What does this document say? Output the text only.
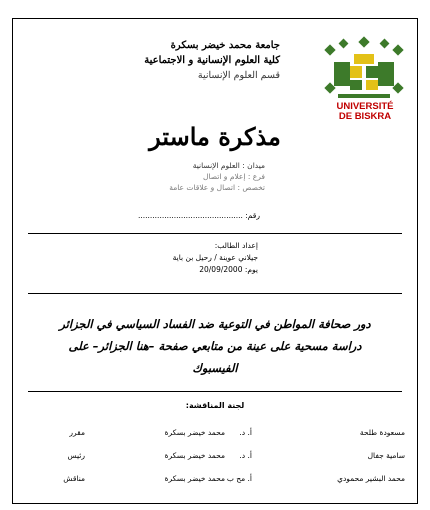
جامعة محمد خيضر بسكرة
كلية العلوم الإنسانية و الاجتماعية
قسم العلوم الإنسانية
UNIVERSITÉ
DE BISKRA
مذكرة ماستر
ميدان : العلوم الإنسانية
فرع : إعلام و اتصال
تخصص : اتصال و علاقات عامة
رقم: ............................................
إعداد الطالب:
جيلاني عوينة / رحيل بن باية
يوم: 20/09/2000
دور صحافة المواطن في التوعية ضد الفساد السياسي في الجزائر
دراسة مسحية على عينة من متابعي صفحة –هنا الجزائر– على
الفيسبوك
لجنة المناقشة:
مسعودة طلحة
أ. د.
محمد خيضر بسكرة
مقرر
سامية جفال
أ. د.
محمد خيضر بسكرة
رئيس
محمد البشير محمودي
أ. مح ب
محمد خيضر بسكرة
مناقش
